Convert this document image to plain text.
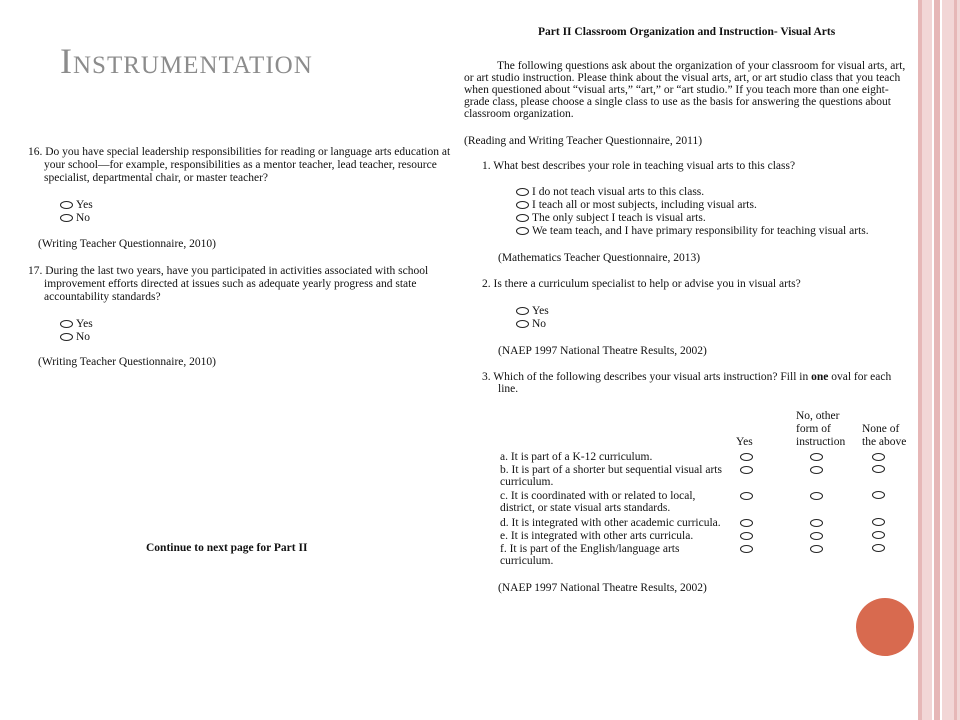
Instrumentation
16. Do you have special leadership responsibilities for reading or language arts education at
your school—for example, responsibilities as a mentor teacher, lead teacher, resource
specialist, departmental chair, or master teacher?
Yes
No
(Writing Teacher Questionnaire, 2010)
17. During the last two years, have you participated in activities associated with school
improvement efforts directed at issues such as adequate yearly progress and state
accountability standards?
Yes
No
(Writing Teacher Questionnaire, 2010)
Continue to next page for Part II
Part II Classroom Organization and Instruction- Visual Arts
The following questions ask about the organization of your classroom for visual arts, art,
or art studio instruction. Please think about the visual arts, art, or art studio class that you teach
when questioned about “visual arts,” “art,” or “art studio.” If you teach more than one eight-
grade class, please choose a single class to use as the basis for answering the questions about
classroom organization.
(Reading and Writing Teacher Questionnaire, 2011)
1. What best describes your role in teaching visual arts to this class?
I do not teach visual arts to this class.
I teach all or most subjects, including visual arts.
The only subject I teach is visual arts.
We team teach, and I have primary responsibility for teaching visual arts.
(Mathematics Teacher Questionnaire, 2013)
2. Is there a curriculum specialist to help or advise you in visual arts?
Yes
No
(NAEP 1997 National Theatre Results, 2002)
3. Which of the following describes your visual arts instruction? Fill in one oval for each
line.
Yes
No, other
form of
instruction
None of
the above
a. It is part of a K-12 curriculum.
b. It is part of a shorter but sequential visual arts
curriculum.
c. It is coordinated with or related to local,
district, or state visual arts standards.
d. It is integrated with other academic curricula.
e. It is integrated with other arts curricula.
f. It is part of the English/language arts
curriculum.
(NAEP 1997 National Theatre Results, 2002)
